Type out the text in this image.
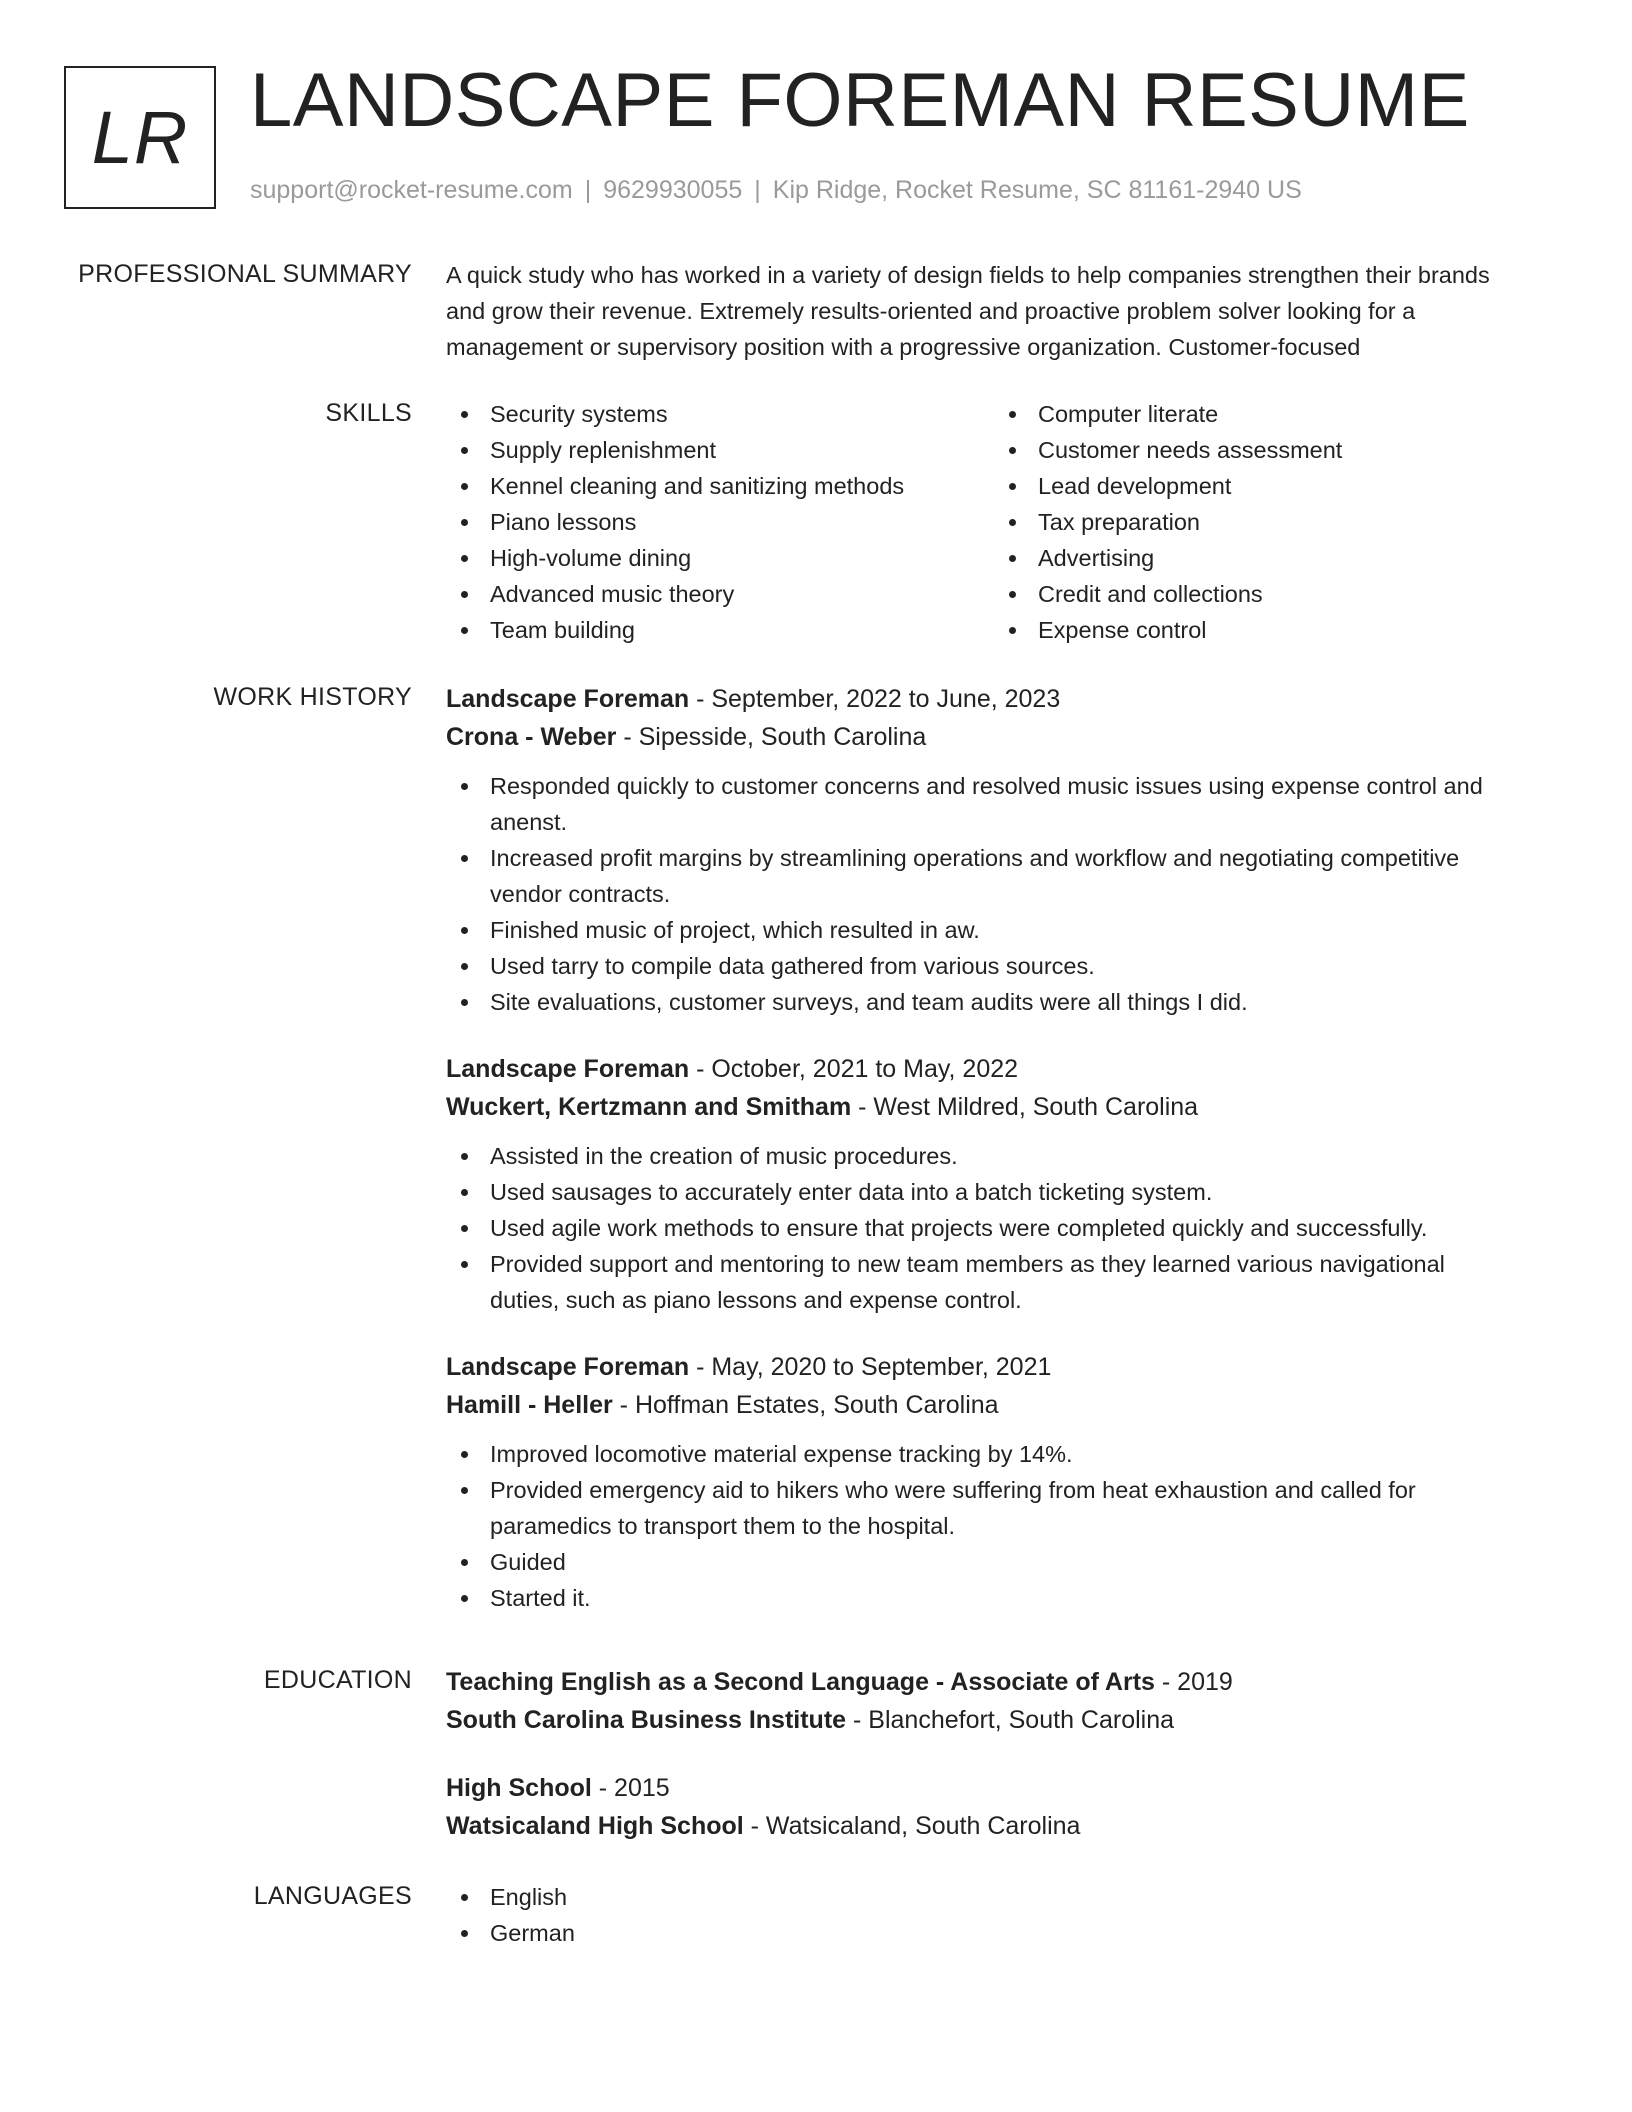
LR LANDSCAPE FOREMAN RESUME
support@rocket-resume.com | 9629930055 | Kip Ridge, Rocket Resume, SC 81161-2940 US
PROFESSIONAL SUMMARY A quick study who has worked in a variety of design fields to help companies strengthen their brands
and grow their revenue. Extremely results-oriented and proactive problem solver looking for a
management or supervisory position with a progressive organization. Customer-focused
SKILLS	Security systems
Supply replenishment
Kennel cleaning and sanitizing methods
Piano lessons
High-volume dining
Advanced music theory
Team building
Computer literate
Customer needs assessment
Lead development
Tax preparation
Advertising
Credit and collections
Expense control
WORK HISTORY Landscape Foreman - September, 2022 to June, 2023
Crona - Weber - Sipesside, South Carolina
Responded quickly to customer concerns and resolved music issues using expense control and
anenst.
Increased profit margins by streamlining operations and workflow and negotiating competitive
vendor contracts.
Finished music of project, which resulted in aw.
Used tarry to compile data gathered from various sources.
Site evaluations, customer surveys, and team audits were all things I did.
Landscape Foreman - October, 2021 to May, 2022
Wuckert, Kertzmann and Smitham - West Mildred, South Carolina
Assisted in the creation of music procedures.
Used sausages to accurately enter data into a batch ticketing system.
Used agile work methods to ensure that projects were completed quickly and successfully.
Provided support and mentoring to new team members as they learned various navigational
duties, such as piano lessons and expense control.
Landscape Foreman - May, 2020 to September, 2021
Hamill - Heller - Hoffman Estates, South Carolina
Improved locomotive material expense tracking by 14%.
Provided emergency aid to hikers who were suffering from heat exhaustion and called for
paramedics to transport them to the hospital.
Guided
Started it.
EDUCATION Teaching English as a Second Language - Associate of Arts - 2019
South Carolina Business Institute - Blanchefort, South Carolina
High School - 2015
Watsicaland High School - Watsicaland, South Carolina
LANGUAGES	English
German
